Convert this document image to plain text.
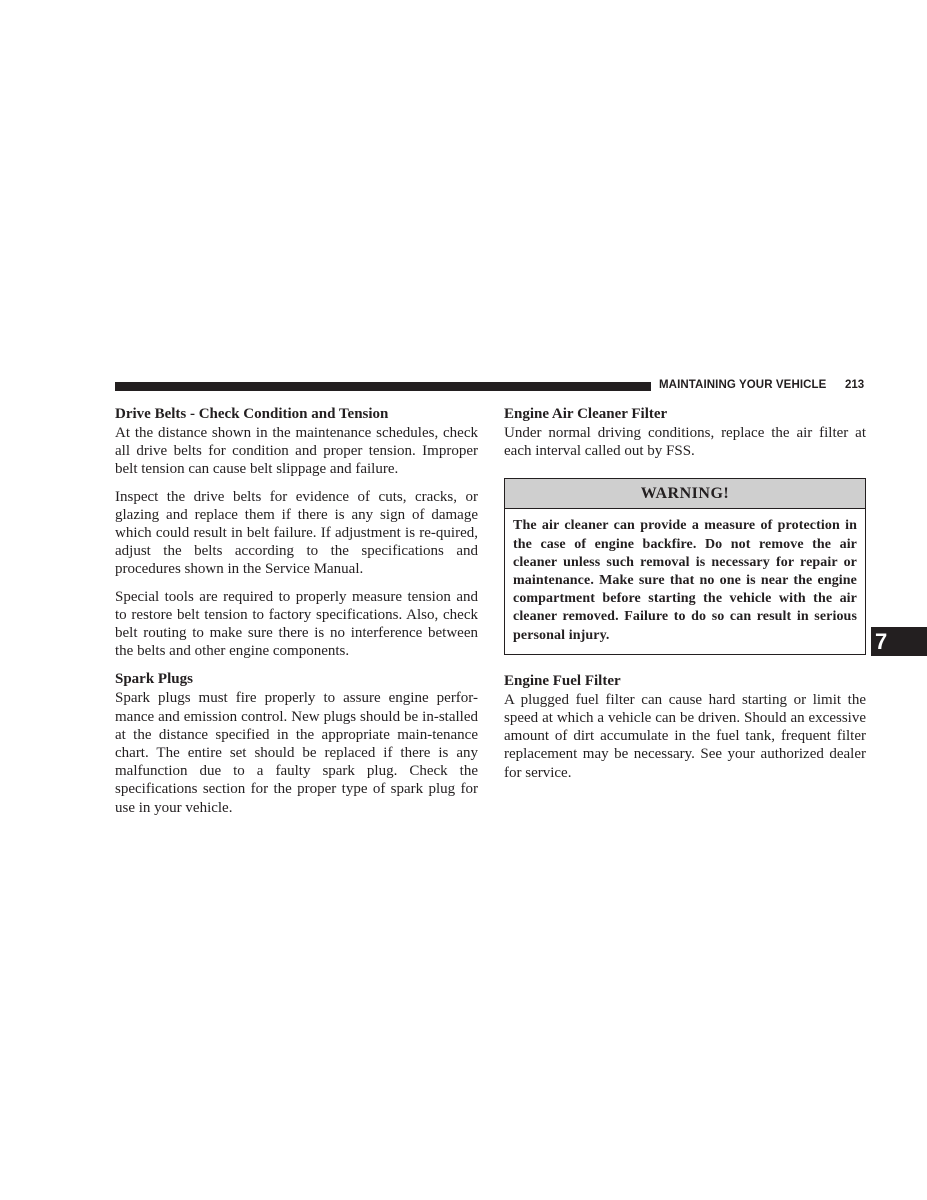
MAINTAINING YOUR VEHICLE 213
Drive Belts - Check Condition and Tension

At the distance shown in the maintenance schedules, check all drive belts for condition and proper tension. Improper belt tension can cause belt slippage and failure.

Inspect the drive belts for evidence of cuts, cracks, or glazing and replace them if there is any sign of damage which could result in belt failure. If adjustment is re-quired, adjust the belts according to the specifications and procedures shown in the Service Manual.

Special tools are required to properly measure tension and to restore belt tension to factory specifications. Also, check belt routing to make sure there is no interference between the belts and other engine components.

Spark Plugs

Spark plugs must fire properly to assure engine perfor-mance and emission control. New plugs should be in-stalled at the distance specified in the appropriate main-tenance chart. The entire set should be replaced if there is any malfunction due to a faulty spark plug. Check the specifications section for the proper type of spark plug for use in your vehicle.

Engine Air Cleaner Filter

Under normal driving conditions, replace the air filter at each interval called out by FSS.

WARNING!
The air cleaner can provide a measure of protection in the case of engine backfire. Do not remove the air cleaner unless such removal is necessary for repair or maintenance. Make sure that no one is near the engine compartment before starting the vehicle with the air cleaner removed. Failure to do so can result in serious personal injury.
Engine Fuel Filter

A plugged fuel filter can cause hard starting or limit the speed at which a vehicle can be driven. Should an excessive amount of dirt accumulate in the fuel tank, frequent filter replacement may be necessary. See your authorized dealer for service.

7
